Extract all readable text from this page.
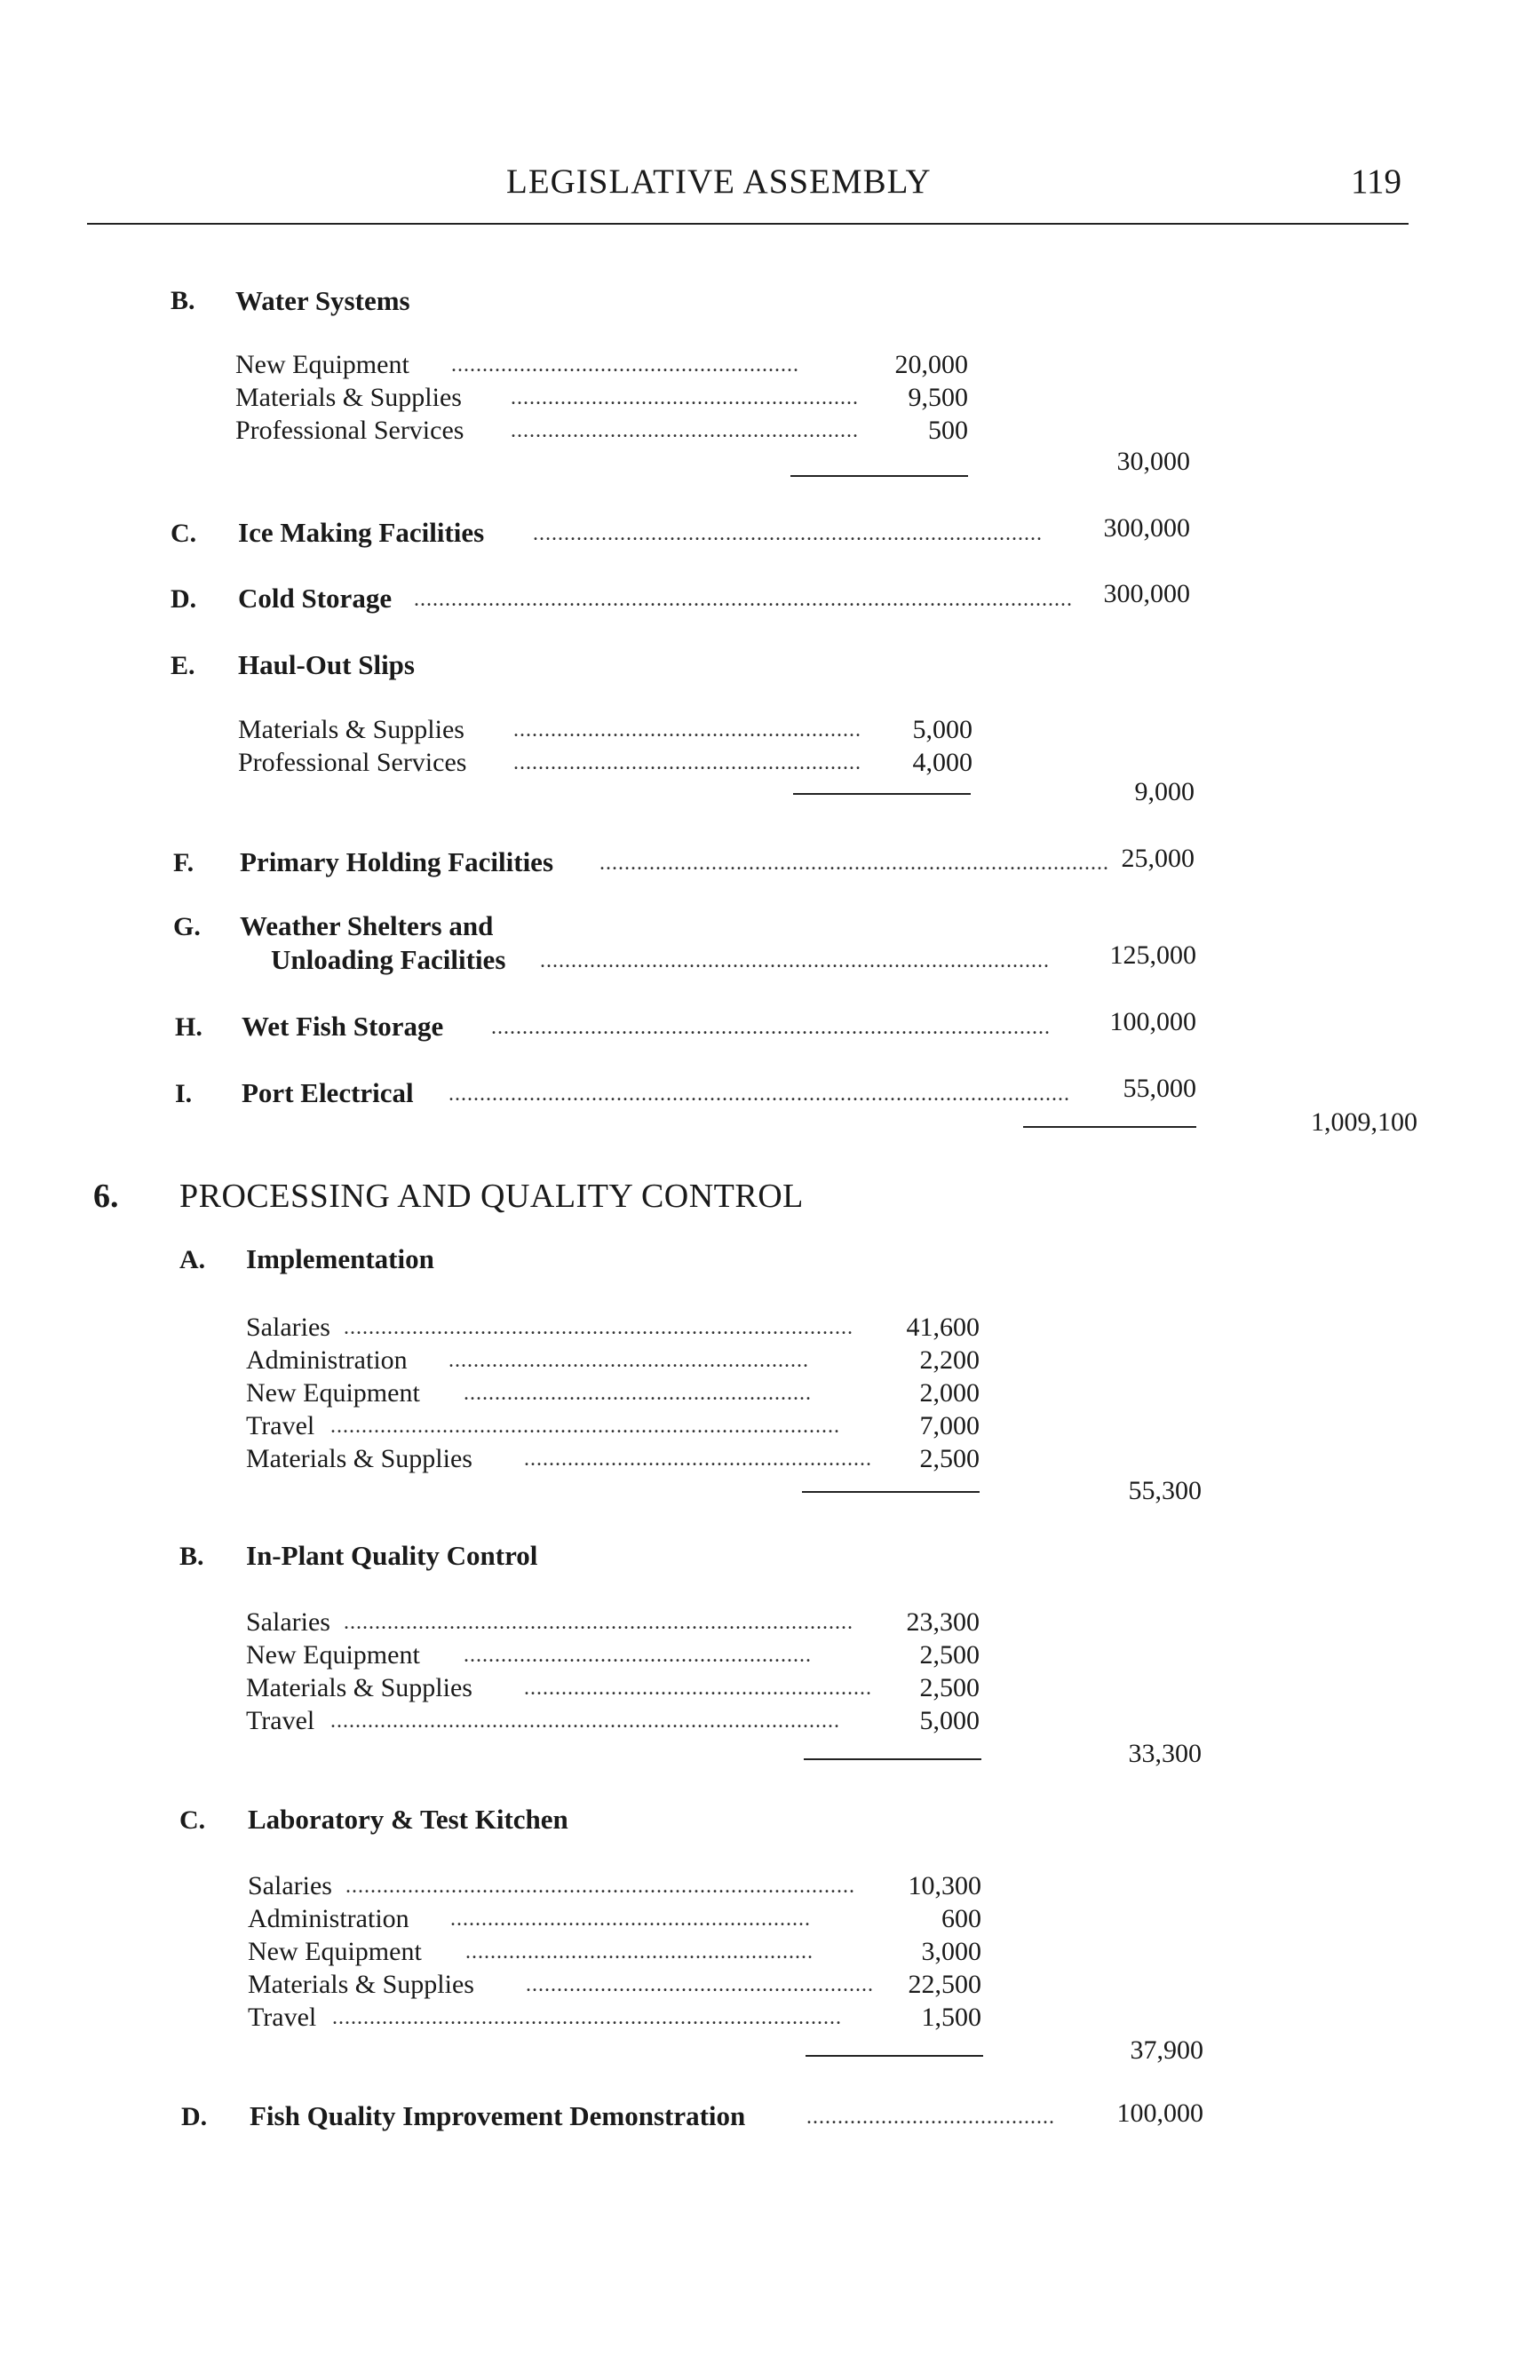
LEGISLATIVE ASSEMBLY	119
B. Water Systems
New Equipment ........................................................	20,000
Materials & Supplies ........................................................	9,500
Professional Services ........................................................	500
30,000
C. Ice Making Facilities ..................................................................................	300,000
D. Cold Storage ..........................................................................................................	300,000
E. Haul-Out Slips
Materials & Supplies ........................................................	5,000
Professional Services ........................................................	4,000
9,000
F. Primary Holding Facilities .................................................................................. 25,000
G. Weather Shelters and
Unloading Facilities ..................................................................................	125,000
H. Wet Fish Storage ..........................................................................................	100,000
I. Port Electrical ....................................................................................................	55,000
1,009,100
6. PROCESSING AND QUALITY CONTROL
A. Implementation
Salaries ..................................................................................	41,600
Administration ..........................................................	2,200
New Equipment ........................................................	2,000
Travel ..................................................................................	7,000
Materials & Supplies ........................................................	2,500
55,300
B. In-Plant Quality Control
Salaries ..................................................................................	23,300
New Equipment ........................................................	2,500
Materials & Supplies ........................................................	2,500
Travel ..................................................................................	5,000
33,300
C. Laboratory & Test Kitchen
Salaries ..................................................................................	10,300
Administration ..........................................................	600
New Equipment ........................................................	3,000
Materials & Supplies ........................................................	22,500
Travel ..................................................................................	1,500
37,900
D. Fish Quality Improvement Demonstration	........................................	100,000
